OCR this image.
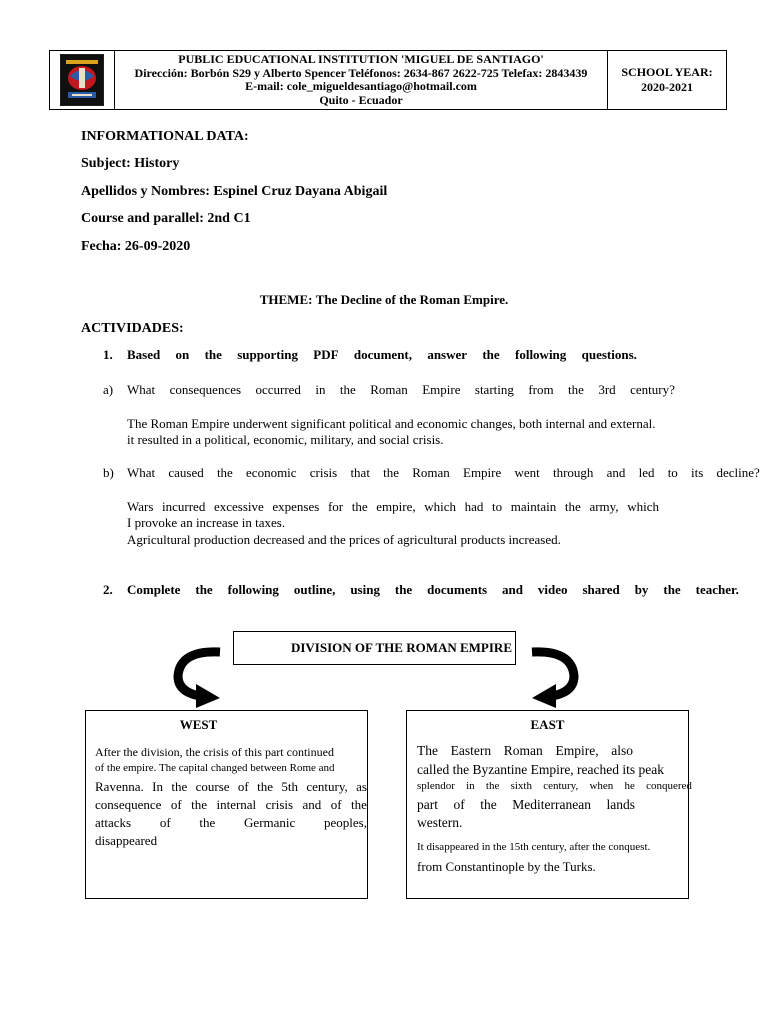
PUBLIC EDUCATIONAL INSTITUTION 'MIGUEL DE SANTIAGO'
Dirección: Borbón S29 y Alberto Spencer Teléfonos: 2634-867 2622-725 Telefax: 2843439
E-mail: cole_migueldesantiago@hotmail.com
Quito - Ecuador
SCHOOL YEAR:
2020-2021
INFORMATIONAL DATA:
Subject: History
Apellidos y Nombres: Espinel Cruz Dayana Abigail
Course and parallel: 2nd C1
Fecha: 26-09-2020
THEME: The Decline of the Roman Empire.
ACTIVIDADES:
1. Based on the supporting PDF document, answer the following questions.
a) What consequences occurred in the Roman Empire starting from the 3rd century?
The Roman Empire underwent significant political and economic changes, both internal and external.
it resulted in a political, economic, military, and social crisis.
b) What caused the economic crisis that the Roman Empire went through and led to its decline?
Wars incurred excessive expenses for the empire, which had to maintain the army, which
I provoke an increase in taxes.
Agricultural production decreased and the prices of agricultural products increased.
2. Complete the following outline, using the documents and video shared by the teacher.
DIVISION OF THE ROMAN EMPIRE
WEST
After the division, the crisis of this part continued
of the empire. The capital changed between Rome and
Ravenna. In the course of the 5th century, as
consequence of the internal crisis and of the
attacks of the Germanic peoples,
disappeared
EAST
The Eastern Roman Empire, also
called the Byzantine Empire, reached its peak
splendor in the sixth century, when he conquered
part of the Mediterranean lands
western.
It disappeared in the 15th century, after the conquest.
from Constantinople by the Turks.
